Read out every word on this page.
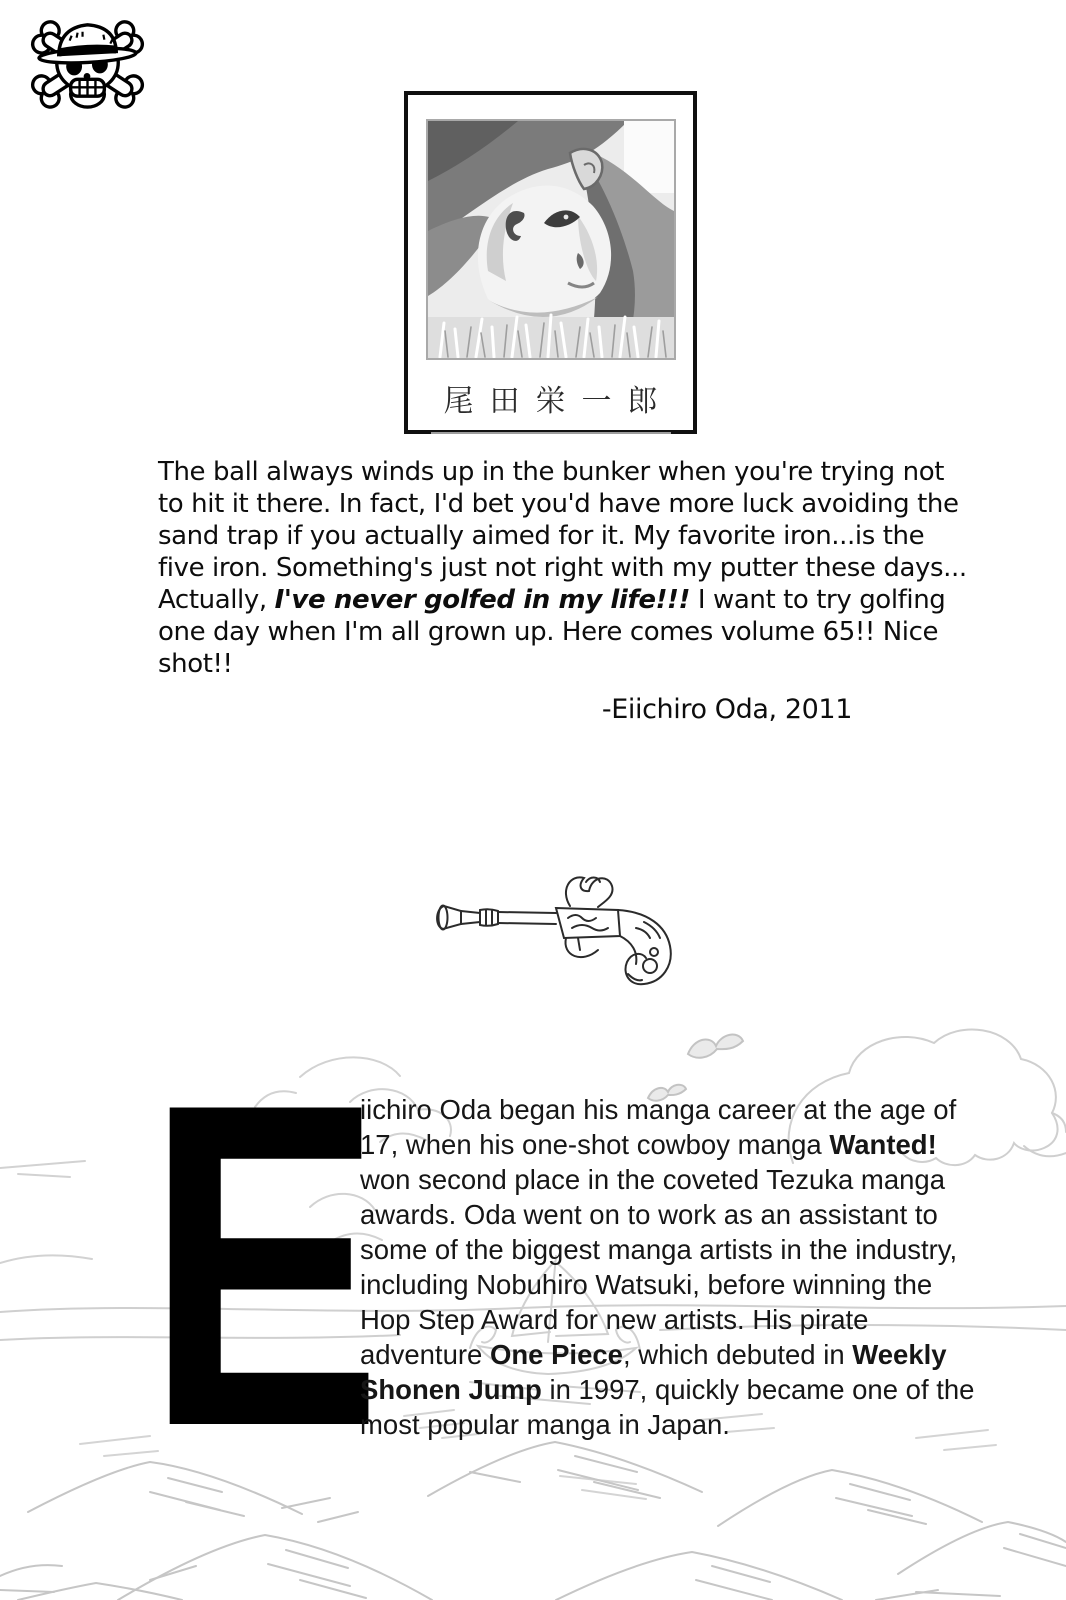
尾田栄一郎

The ball always winds up in the bunker when you're trying not to hit it there. In fact, I'd bet you'd have more luck avoiding the sand trap if you actually aimed for it. My favorite iron...is the five iron. Something's just not right with my putter these days...

Actually, I've never golfed in my life!!! I want to try golfing one day when I'm all grown up. Here comes volume 65!! Nice shot!!

-Eiichiro Oda, 2011
E

iichiro Oda began his manga career at the age of 17, when his one-shot cowboy manga Wanted! won second place in the coveted Tezuka manga awards. Oda went on to work as an assistant to some of the biggest manga artists in the industry, including Nobuhiro Watsuki, before winning the Hop Step Award for new artists. His pirate adventure One Piece, which debuted in Weekly Shonen Jump in 1997, quickly became one of the most popular manga in Japan.
